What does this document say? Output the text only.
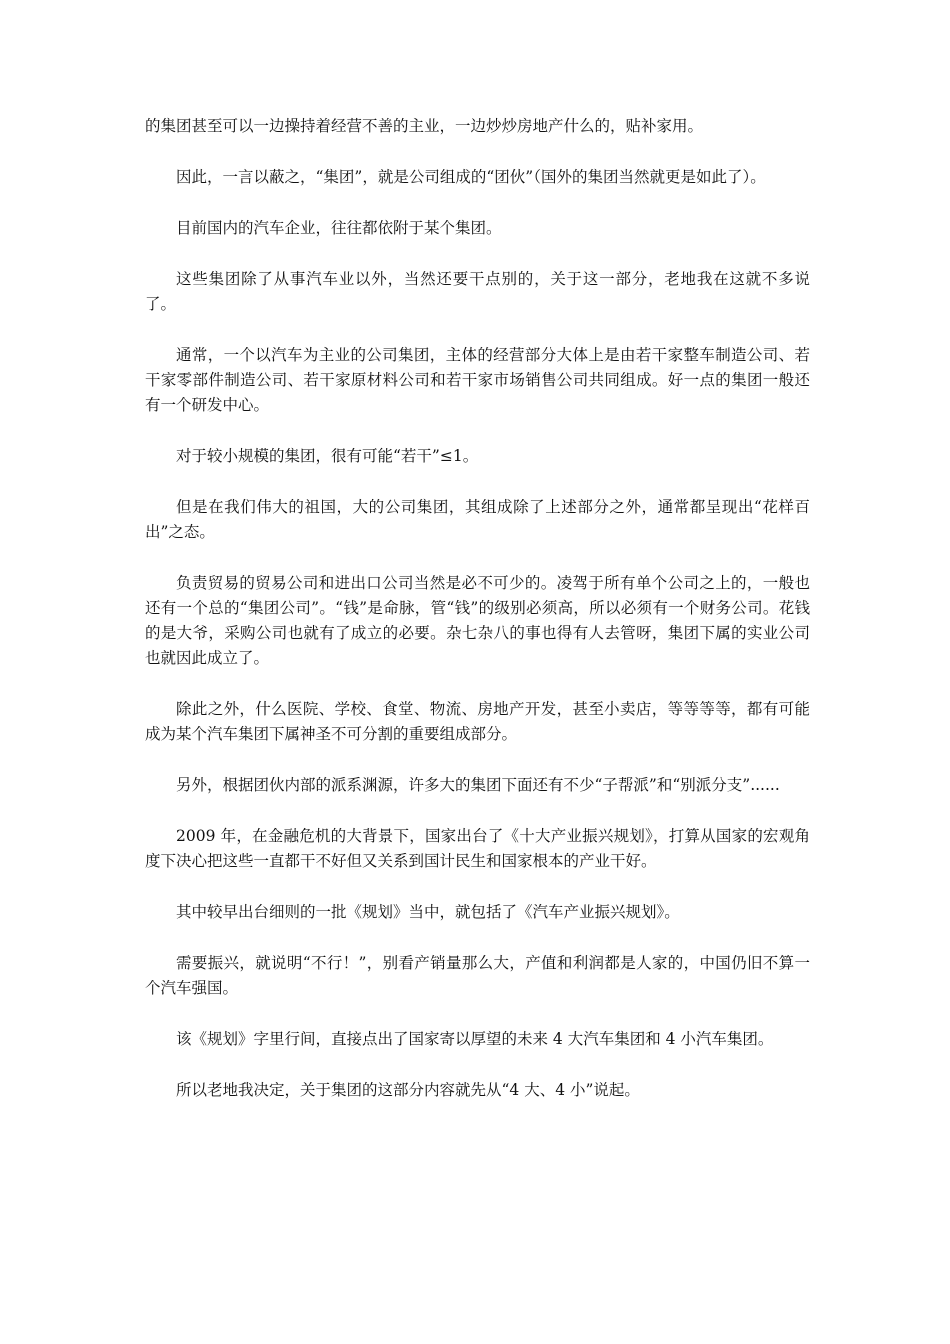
的集团甚至可以一边操持着经营不善的主业，一边炒炒房地产什么的，贴补家用。

因此，一言以蔽之，“集团”，就是公司组成的“团伙”（国外的集团当然就更是如此了）。

目前国内的汽车企业，往往都依附于某个集团。

这些集团除了从事汽车业以外，当然还要干点别的，关于这一部分，老地我在这就不多说了。

通常，一个以汽车为主业的公司集团，主体的经营部分大体上是由若干家整车制造公司、若干家零部件制造公司、若干家原材料公司和若干家市场销售公司共同组成。好一点的集团一般还有一个研发中心。

对于较小规模的集团，很有可能“若干”≤1。

但是在我们伟大的祖国，大的公司集团，其组成除了上述部分之外，通常都呈现出“花样百出”之态。

负责贸易的贸易公司和进出口公司当然是必不可少的。凌驾于所有单个公司之上的，一般也还有一个总的“集团公司”。“钱”是命脉，管“钱”的级别必须高，所以必须有一个财务公司。花钱的是大爷，采购公司也就有了成立的必要。杂七杂八的事也得有人去管呀，集团下属的实业公司也就因此成立了。

除此之外，什么医院、学校、食堂、物流、房地产开发，甚至小卖店，等等等等，都有可能成为某个汽车集团下属神圣不可分割的重要组成部分。

另外，根据团伙内部的派系渊源，许多大的集团下面还有不少“子帮派”和“别派分支”......

2009 年，在金融危机的大背景下，国家出台了《十大产业振兴规划》，打算从国家的宏观角度下决心把这些一直都干不好但又关系到国计民生和国家根本的产业干好。

其中较早出台细则的一批《规划》当中，就包括了《汽车产业振兴规划》。

需要振兴，就说明“不行！”，别看产销量那么大，产值和利润都是人家的，中国仍旧不算一个汽车强国。

该《规划》字里行间，直接点出了国家寄以厚望的未来 4 大汽车集团和 4 小汽车集团。

所以老地我决定，关于集团的这部分内容就先从“4 大、4 小”说起。
